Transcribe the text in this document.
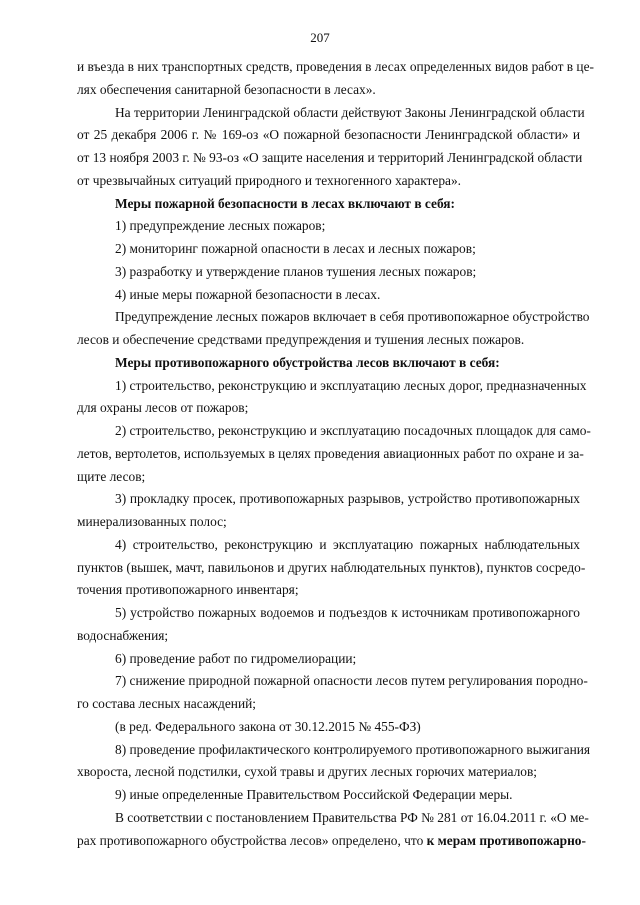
207
и въезда в них транспортных средств, проведения в лесах определенных видов работ в це-
лях обеспечения санитарной безопасности в лесах».
На территории Ленинградской области действуют Законы Ленинградской области
от 25 декабря 2006 г. № 169-оз «О пожарной безопасности Ленинградской области» и
от 13 ноября 2003 г. № 93-оз «О защите населения и территорий Ленинградской области
от чрезвычайных ситуаций природного и техногенного характера».
Меры пожарной безопасности в лесах включают в себя:
1) предупреждение лесных пожаров;
2) мониторинг пожарной опасности в лесах и лесных пожаров;
3) разработку и утверждение планов тушения лесных пожаров;
4) иные меры пожарной безопасности в лесах.
Предупреждение лесных пожаров включает в себя противопожарное обустройство
лесов и обеспечение средствами предупреждения и тушения лесных пожаров.
Меры противопожарного обустройства лесов включают в себя:
1) строительство, реконструкцию и эксплуатацию лесных дорог, предназначенных
для охраны лесов от пожаров;
2) строительство, реконструкцию и эксплуатацию посадочных площадок для само-
летов, вертолетов, используемых в целях проведения авиационных работ по охране и за-
щите лесов;
3) прокладку просек, противопожарных разрывов, устройство противопожарных
минерализованных полос;
4) строительство, реконструкцию и эксплуатацию пожарных наблюдательных
пунктов (вышек, мачт, павильонов и других наблюдательных пунктов), пунктов сосредо-
точения противопожарного инвентаря;
5) устройство пожарных водоемов и подъездов к источникам противопожарного
водоснабжения;
6) проведение работ по гидромелиорации;
7) снижение природной пожарной опасности лесов путем регулирования породно-
го состава лесных насаждений;
(в ред. Федерального закона от 30.12.2015 № 455-ФЗ)
8) проведение профилактического контролируемого противопожарного выжигания
хворостa, лесной подстилки, сухой травы и других лесных горючих материалов;
9) иные определенные Правительством Российской Федерации меры.
В соответствии с постановлением Правительства РФ № 281 от 16.04.2011 г. «О ме-
рах противопожарного обустройства лесов» определено, что к мерам противопожарно-
